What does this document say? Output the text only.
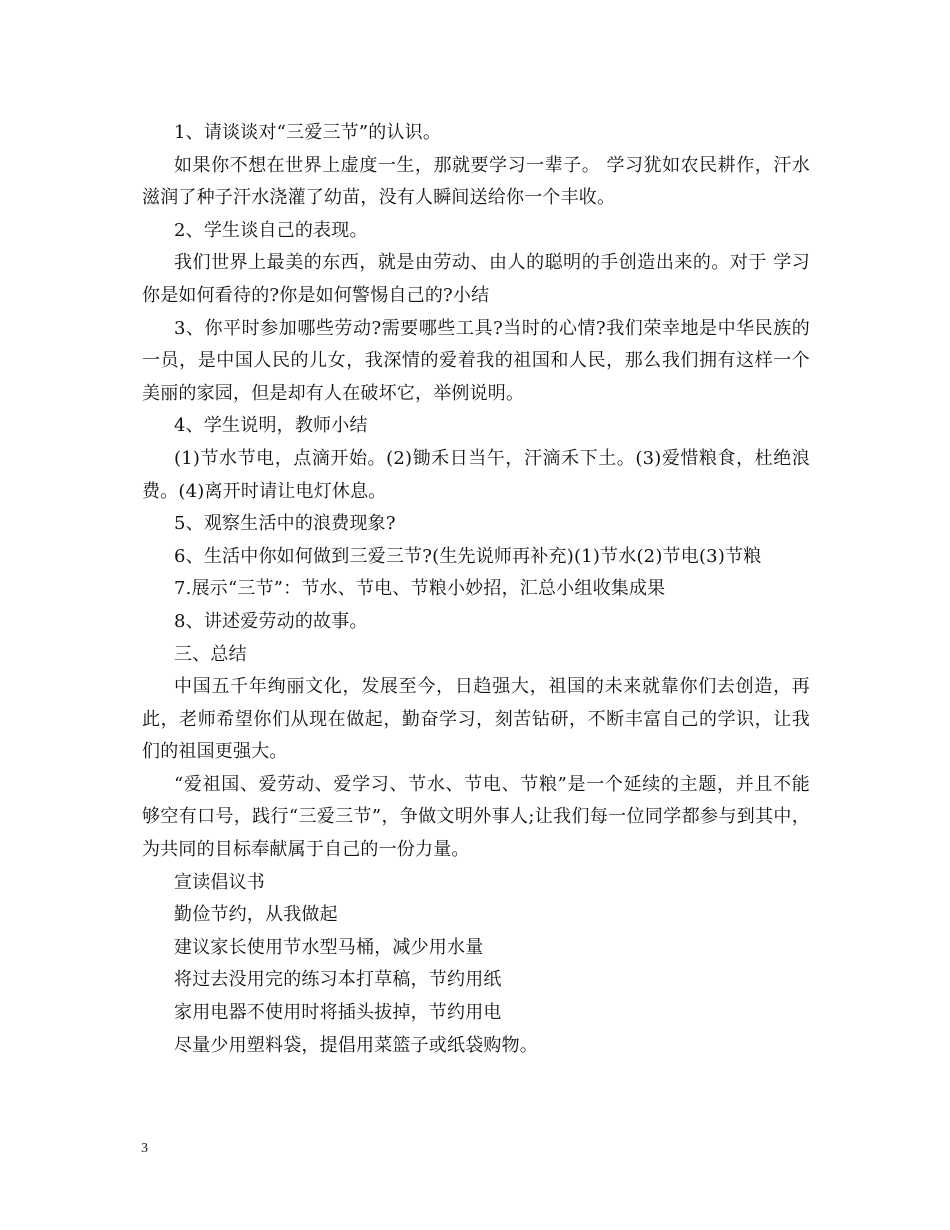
1、请谈谈对“三爱三节”的认识。

如果你不想在世界上虚度一生，那就要学习一辈子。 学习犹如农民耕作，汗水滋润了种子汗水浇灌了幼苗，没有人瞬间送给你一个丰收。

2、学生谈自己的表现。

我们世界上最美的东西，就是由劳动、由人的聪明的手创造出来的。对于 学习你是如何看待的?你是如何警惕自己的?小结

3、你平时参加哪些劳动?需要哪些工具?当时的心情?我们荣幸地是中华民族的一员，是中国人民的儿女，我深情的爱着我的祖国和人民，那么我们拥有这样一个美丽的家园，但是却有人在破坏它，举例说明。

4、学生说明，教师小结

(1)节水节电，点滴开始。(2)锄禾日当午，汗滴禾下土。(3)爱惜粮食，杜绝浪费。(4)离开时请让电灯休息。

5、观察生活中的浪费现象?

6、生活中你如何做到三爱三节?(生先说师再补充)(1)节水(2)节电(3)节粮

7.展示“三节”：节水、节电、节粮小妙招，汇总小组收集成果

8、讲述爱劳动的故事。

三、总结

中国五千年绚丽文化，发展至今，日趋强大，祖国的未来就靠你们去创造，再此，老师希望你们从现在做起，勤奋学习，刻苦钻研，不断丰富自己的学识，让我们的祖国更强大。

“爱祖国、爱劳动、爱学习、节水、节电、节粮”是一个延续的主题，并且不能够空有口号，践行“三爱三节”，争做文明外事人;让我们每一位同学都参与到其中，为共同的目标奉献属于自己的一份力量。

宣读倡议书

勤俭节约，从我做起

建议家长使用节水型马桶，减少用水量

将过去没用完的练习本打草稿，节约用纸

家用电器不使用时将插头拔掉，节约用电

尽量少用塑料袋，提倡用菜篮子或纸袋购物。

3
